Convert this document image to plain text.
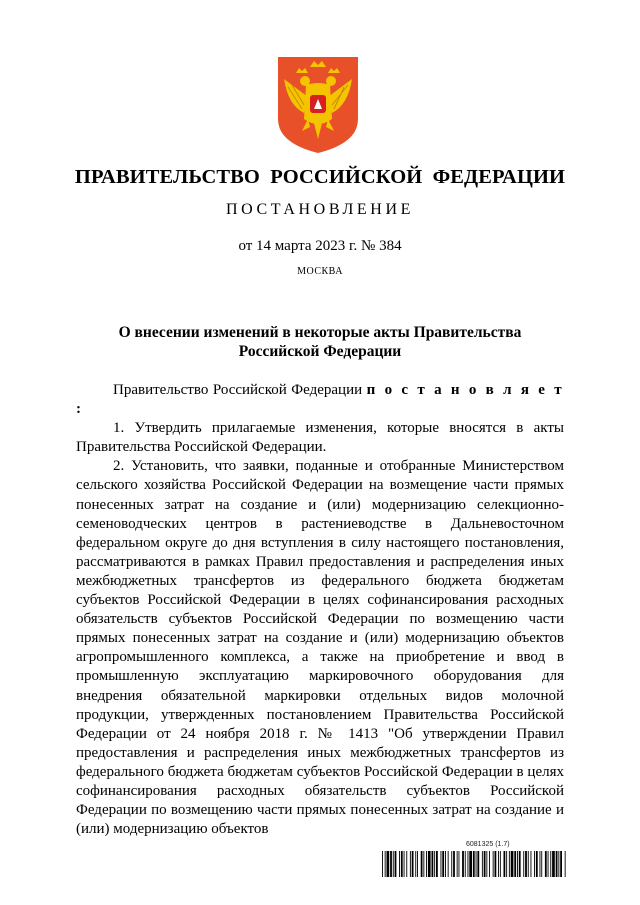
ПРАВИТЕЛЬСТВО РОССИЙСКОЙ ФЕДЕРАЦИИ
ПОСТАНОВЛЕНИЕ
от 14 марта 2023 г. № 384
МОСКВА
О внесении изменений в некоторые акты Правительства
Российской Федерации

Правительство Российской Федерации п о с т а н о в л я е т :

1. Утвердить прилагаемые изменения, которые вносятся в акты Правительства Российской Федерации.

2. Установить, что заявки, поданные и отобранные Министерством сельского хозяйства Российской Федерации на возмещение части прямых понесенных затрат на создание и (или) модернизацию селекционно-семеноводческих центров в растениеводстве в Дальневосточном федеральном округе до дня вступления в силу настоящего постановления, рассматриваются в рамках Правил предоставления и распределения иных межбюджетных трансфертов из федерального бюджета бюджетам субъектов Российской Федерации в целях софинансирования расходных обязательств субъектов Российской Федерации по возмещению части прямых понесенных затрат на создание и (или) модернизацию объектов агропромышленного комплекса, а также на приобретение и ввод в промышленную эксплуатацию маркировочного оборудования для внедрения обязательной маркировки отдельных видов молочной продукции, утвержденных постановлением Правительства Российской Федерации от 24 ноября 2018 г. № 1413 "Об утверждении Правил предоставления и распределения иных межбюджетных трансфертов из федерального бюджета бюджетам субъектов Российской Федерации в целях софинансирования расходных обязательств субъектов Российской Федерации по возмещению части прямых понесенных затрат на создание и (или) модернизацию объектов

6081325 (1.7)
